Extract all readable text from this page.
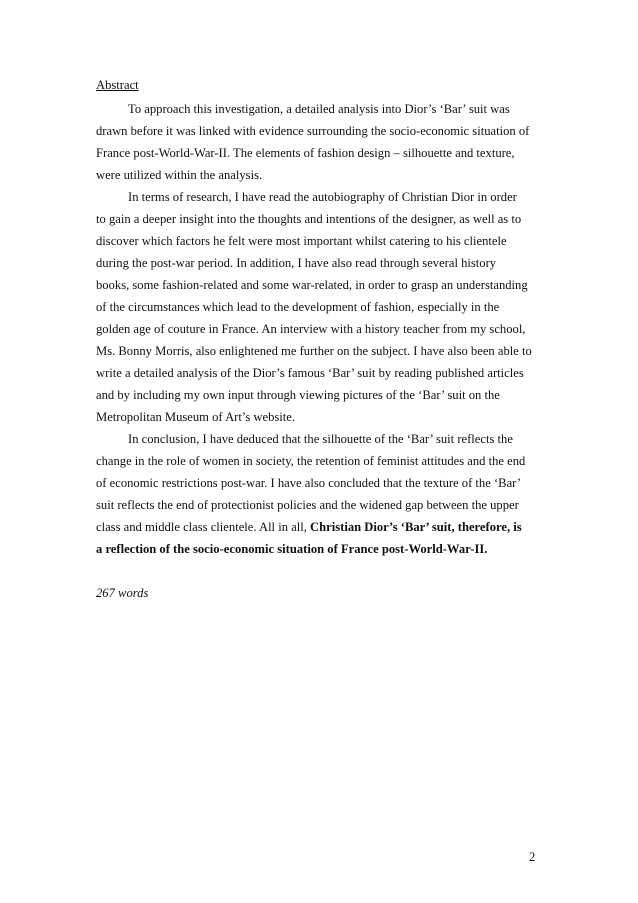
Abstract
To approach this investigation, a detailed analysis into Dior’s ‘Bar’ suit was
drawn before it was linked with evidence surrounding the socio-economic situation of
France post-World-War-II. The elements of fashion design – silhouette and texture,
were utilized within the analysis.
In terms of research, I have read the autobiography of Christian Dior in order
to gain a deeper insight into the thoughts and intentions of the designer, as well as to
discover which factors he felt were most important whilst catering to his clientele
during the post-war period. In addition, I have also read through several history
books, some fashion-related and some war-related, in order to grasp an understanding
of the circumstances which lead to the development of fashion, especially in the
golden age of couture in France. An interview with a history teacher from my school,
Ms. Bonny Morris, also enlightened me further on the subject. I have also been able to
write a detailed analysis of the Dior’s famous ‘Bar’ suit by reading published articles
and by including my own input through viewing pictures of the ‘Bar’ suit on the
Metropolitan Museum of Art’s website.
In conclusion, I have deduced that the silhouette of the ‘Bar’ suit reflects the
change in the role of women in society, the retention of feminist attitudes and the end
of economic restrictions post-war. I have also concluded that the texture of the ‘Bar’
suit reflects the end of protectionist policies and the widened gap between the upper
class and middle class clientele. All in all, Christian Dior’s ‘Bar’ suit, therefore, is
a reflection of the socio-economic situation of France post-World-War-II.
267 words
2
